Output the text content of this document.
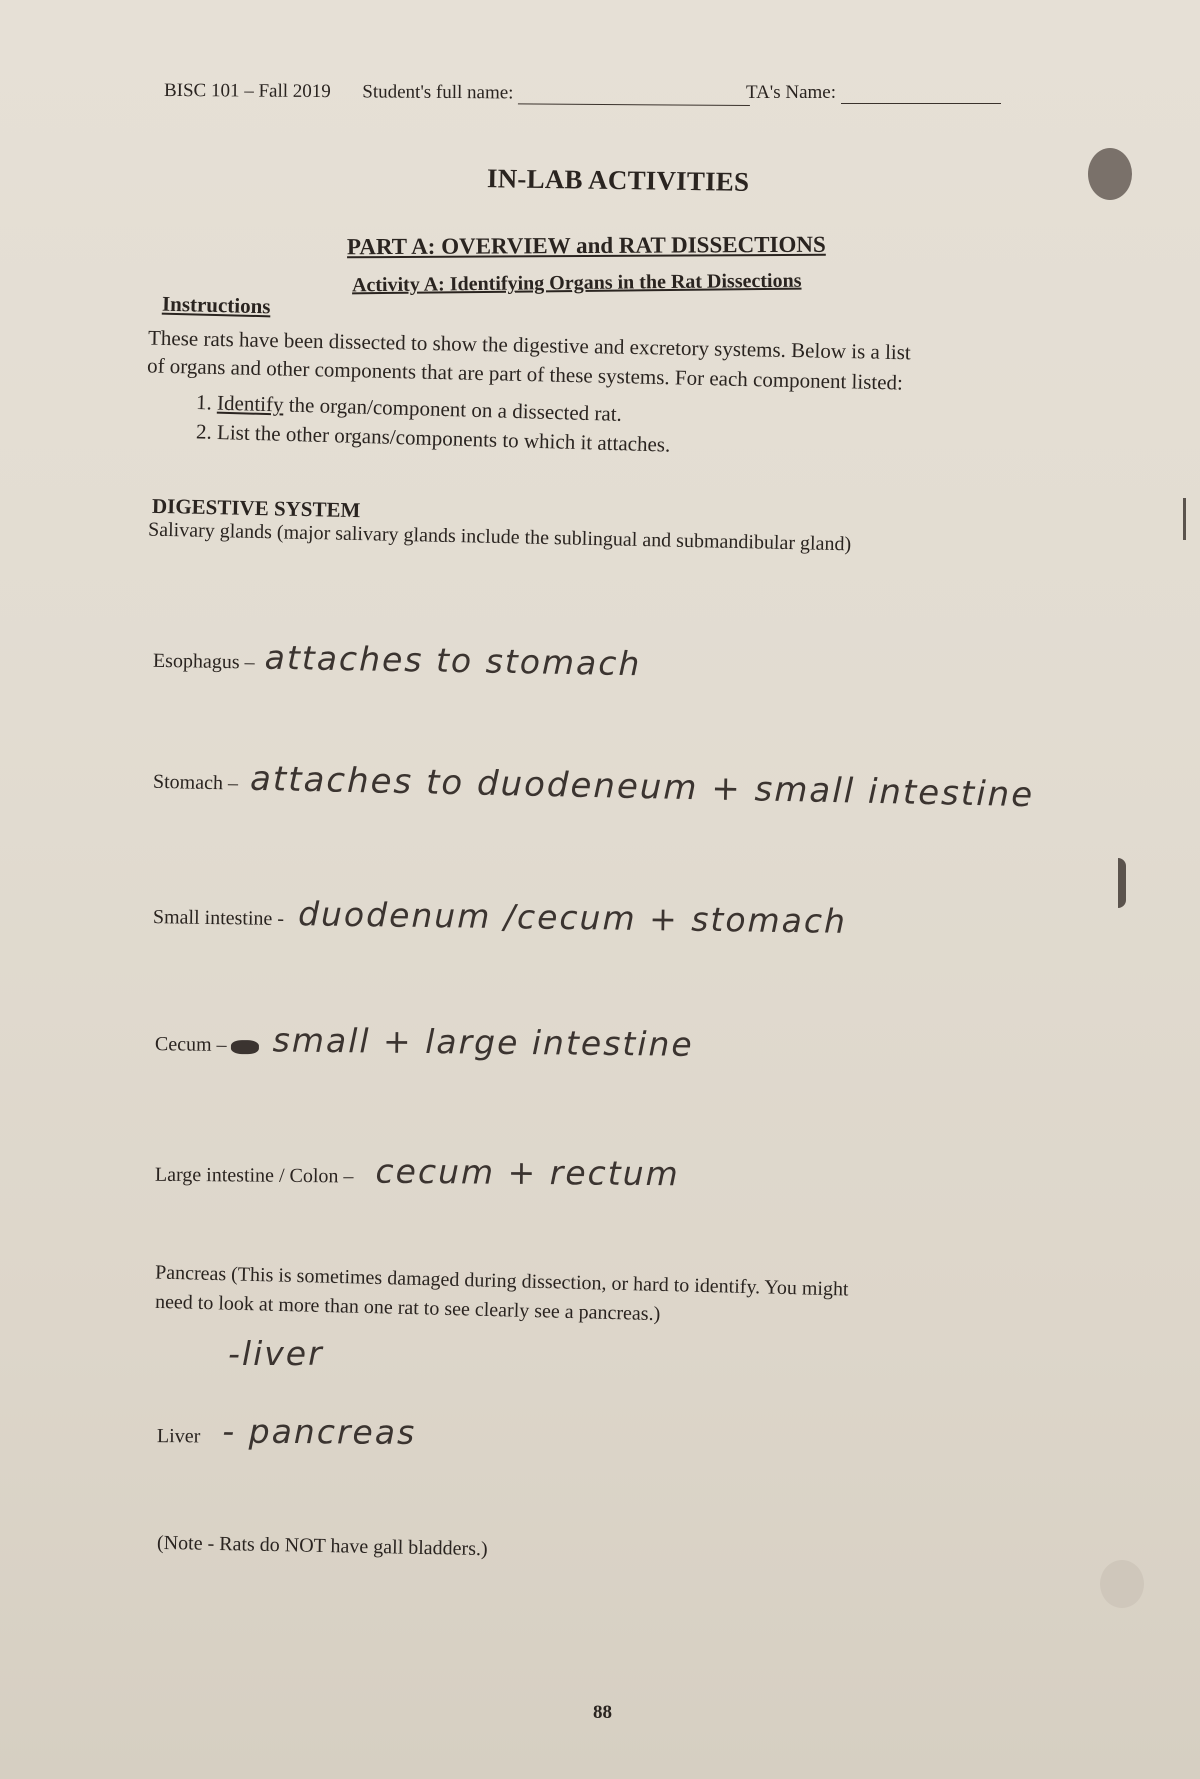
BISC 101 – Fall 2019 Student's full name:	TA's Name:
IN-LAB ACTIVITIES
PART A: OVERVIEW and RAT DISSECTIONS
Activity A: Identifying Organs in the Rat Dissections
Instructions
These rats have been dissected to show the digestive and excretory systems. Below is a list
of organs and other components that are part of these systems. For each component listed:
1. Identify the organ/component on a dissected rat.
2. List the other organs/components to which it attaches.
DIGESTIVE SYSTEM
Salivary glands (major salivary glands include the sublingual and submandibular gland)
Esophagus – attaches to stomach
Stomach – attaches to duodeneum + small intestine
Small intestine - duodenum /cecum + stomach
Cecum – small + large intestine
Large intestine / Colon – cecum + rectum
Pancreas (This is sometimes damaged during dissection, or hard to identify. You might
need to look at more than one rat to see clearly see a pancreas.)
-liver
Liver - pancreas
(Note - Rats do NOT have gall bladders.)
88
